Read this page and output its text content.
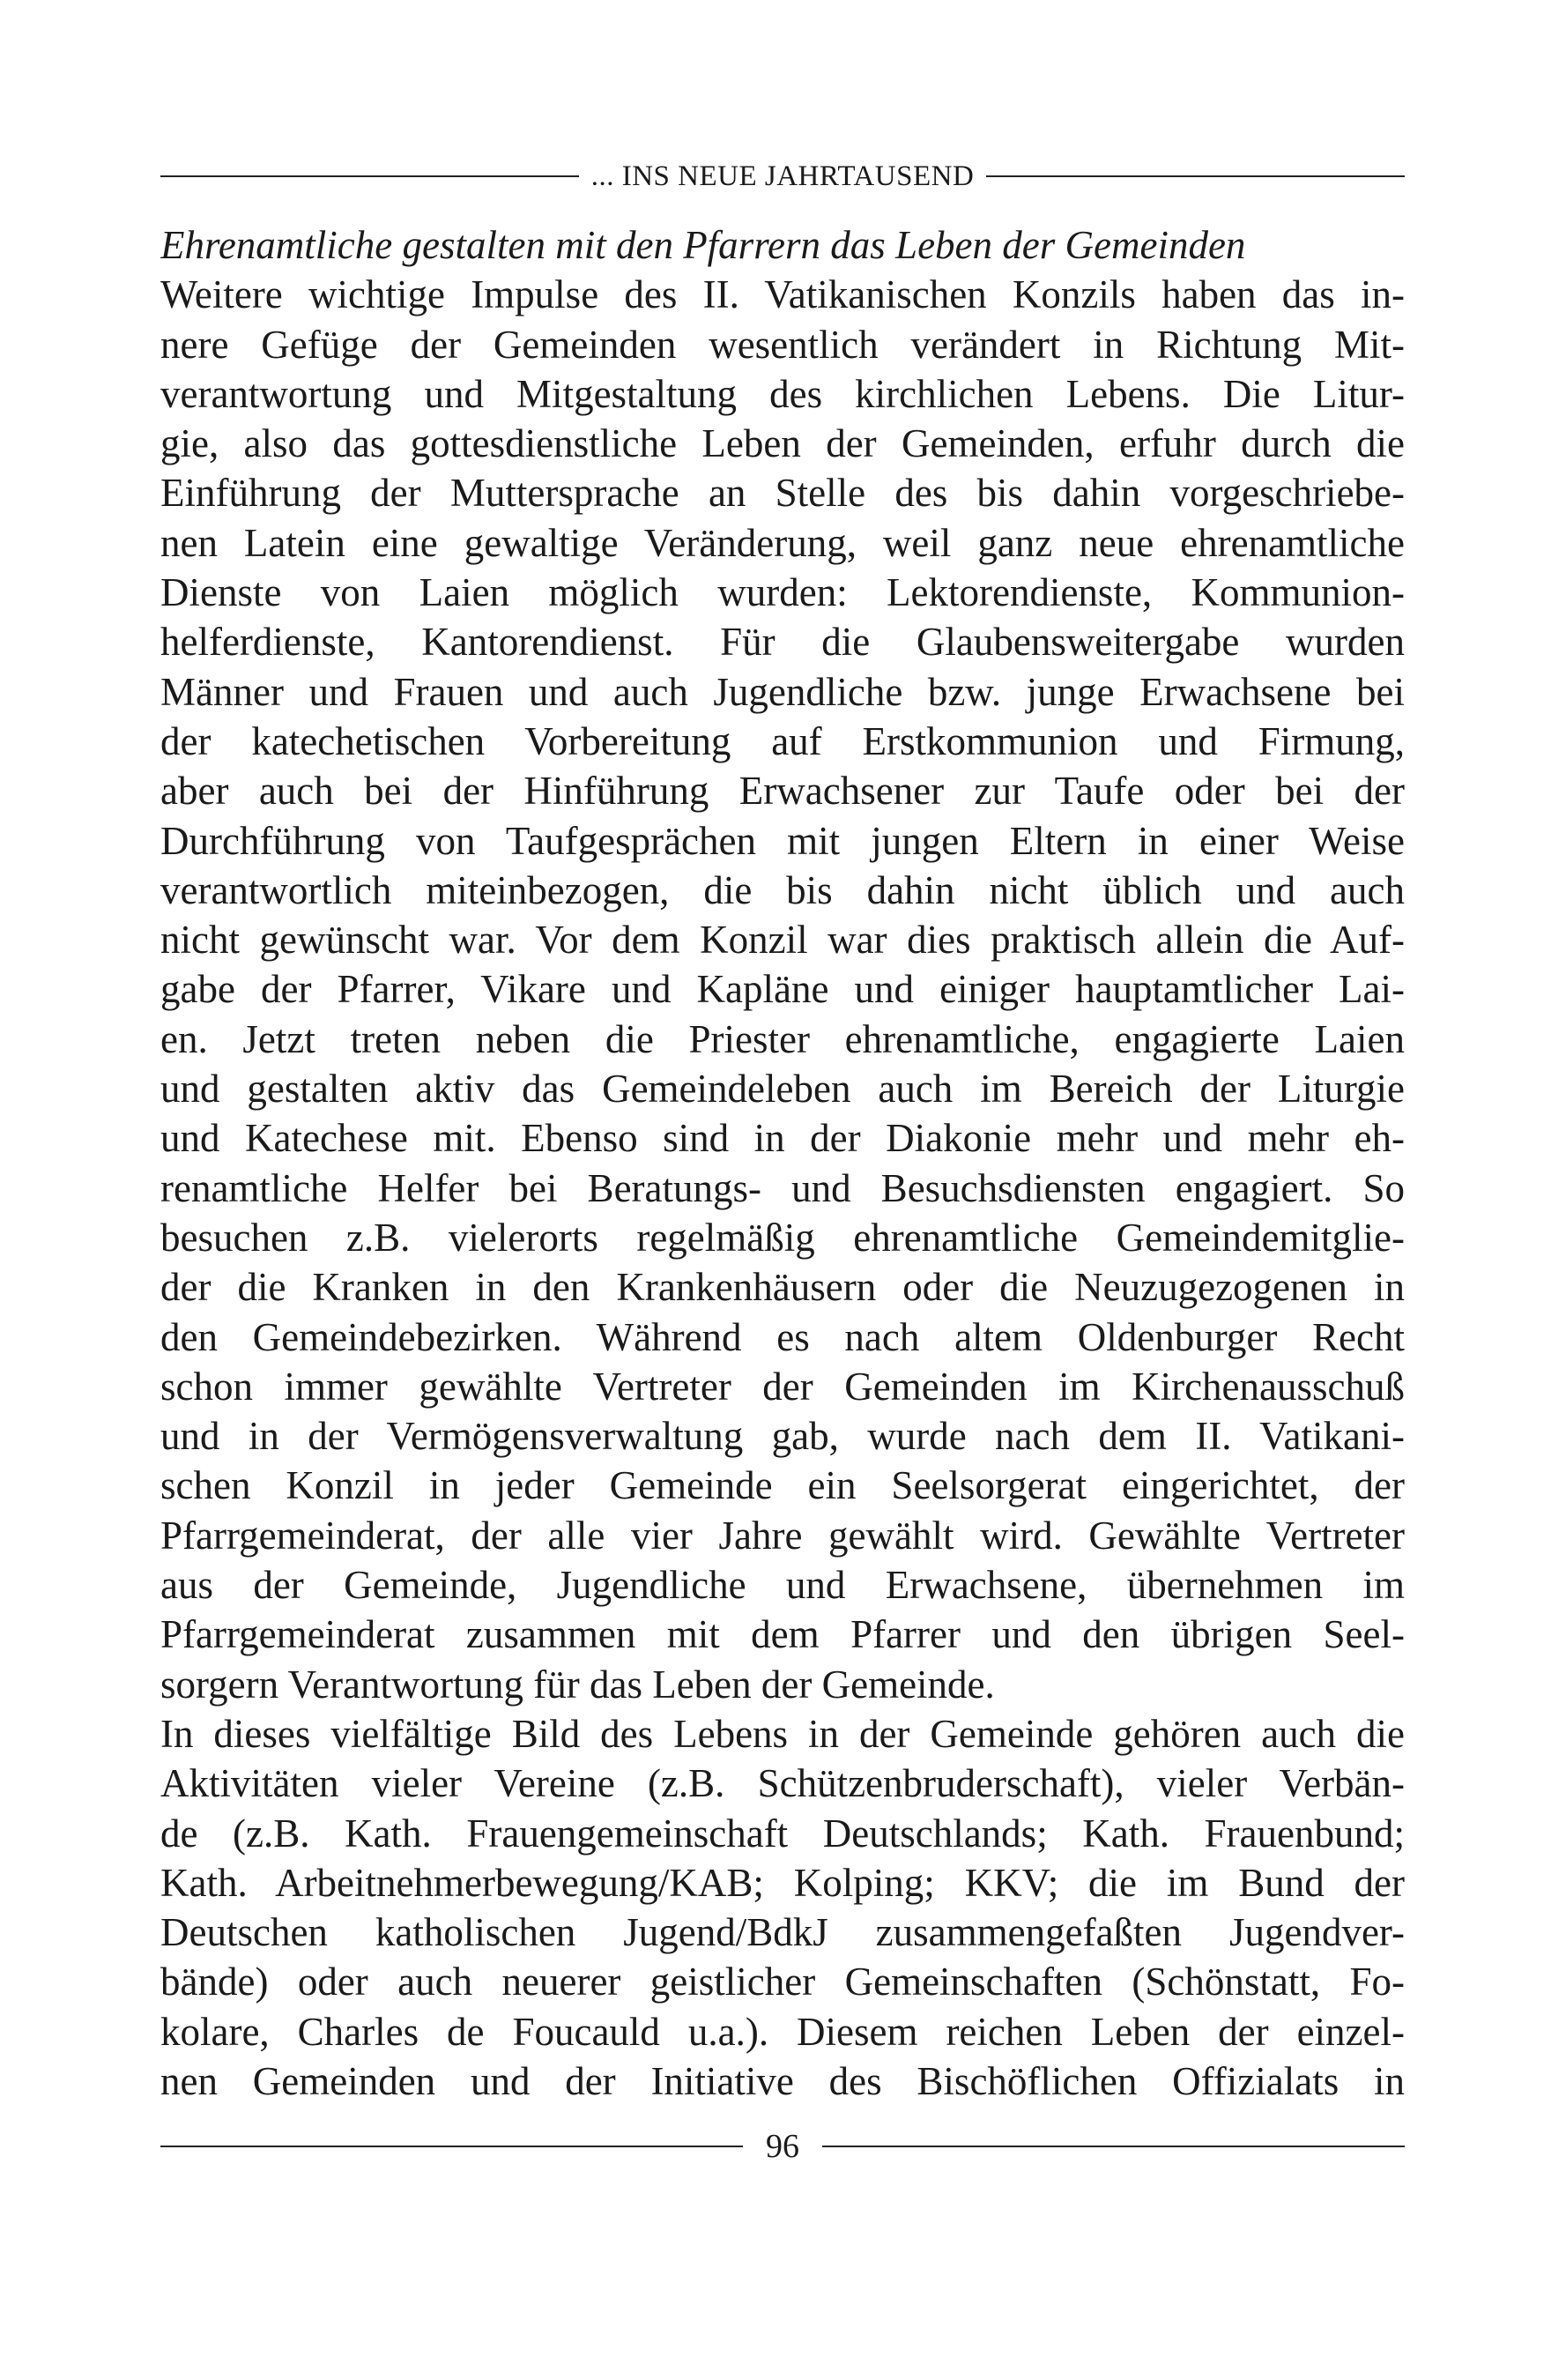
... INS NEUE JAHRTAUSEND
Ehrenamtliche gestalten mit den Pfarrern das Leben der Gemeinden
Weitere wichtige Impulse des II. Vatikanischen Konzils haben das in-
nere Gefüge der Gemeinden wesentlich verändert in Richtung Mit-
verantwortung und Mitgestaltung des kirchlichen Lebens. Die Litur-
gie, also das gottesdienstliche Leben der Gemeinden, erfuhr durch die
Einführung der Muttersprache an Stelle des bis dahin vorgeschriebe-
nen Latein eine gewaltige Veränderung, weil ganz neue ehrenamtliche
Dienste von Laien möglich wurden: Lektorendienste, Kommunion-
helferdienste, Kantorendienst. Für die Glaubensweitergabe wurden
Männer und Frauen und auch Jugendliche bzw. junge Erwachsene bei
der katechetischen Vorbereitung auf Erstkommunion und Firmung,
aber auch bei der Hinführung Erwachsener zur Taufe oder bei der
Durchführung von Taufgesprächen mit jungen Eltern in einer Weise
verantwortlich miteinbezogen, die bis dahin nicht üblich und auch
nicht gewünscht war. Vor dem Konzil war dies praktisch allein die Auf-
gabe der Pfarrer, Vikare und Kapläne und einiger hauptamtlicher Lai-
en. Jetzt treten neben die Priester ehrenamtliche, engagierte Laien
und gestalten aktiv das Gemeindeleben auch im Bereich der Liturgie
und Katechese mit. Ebenso sind in der Diakonie mehr und mehr eh-
renamtliche Helfer bei Beratungs- und Besuchsdiensten engagiert. So
besuchen z.B. vielerorts regelmäßig ehrenamtliche Gemeindemitglie-
der die Kranken in den Krankenhäusern oder die Neuzugezogenen in
den Gemeindebezirken. Während es nach altem Oldenburger Recht
schon immer gewählte Vertreter der Gemeinden im Kirchenausschuß
und in der Vermögensverwaltung gab, wurde nach dem II. Vatikani-
schen Konzil in jeder Gemeinde ein Seelsorgerat eingerichtet, der
Pfarrgemeinderat, der alle vier Jahre gewählt wird. Gewählte Vertreter
aus der Gemeinde, Jugendliche und Erwachsene, übernehmen im
Pfarrgemeinderat zusammen mit dem Pfarrer und den übrigen Seel-
sorgern Verantwortung für das Leben der Gemeinde.
In dieses vielfältige Bild des Lebens in der Gemeinde gehören auch die
Aktivitäten vieler Vereine (z.B. Schützenbruderschaft), vieler Verbän-
de (z.B. Kath. Frauengemeinschaft Deutschlands; Kath. Frauenbund;
Kath. Arbeitnehmerbewegung/KAB; Kolping; KKV; die im Bund der
Deutschen katholischen Jugend/BdkJ zusammengefaßten Jugendver-
bände) oder auch neuerer geistlicher Gemeinschaften (Schönstatt, Fo-
kolare, Charles de Foucauld u.a.). Diesem reichen Leben der einzel-
nen Gemeinden und der Initiative des Bischöflichen Offizialats in
96
